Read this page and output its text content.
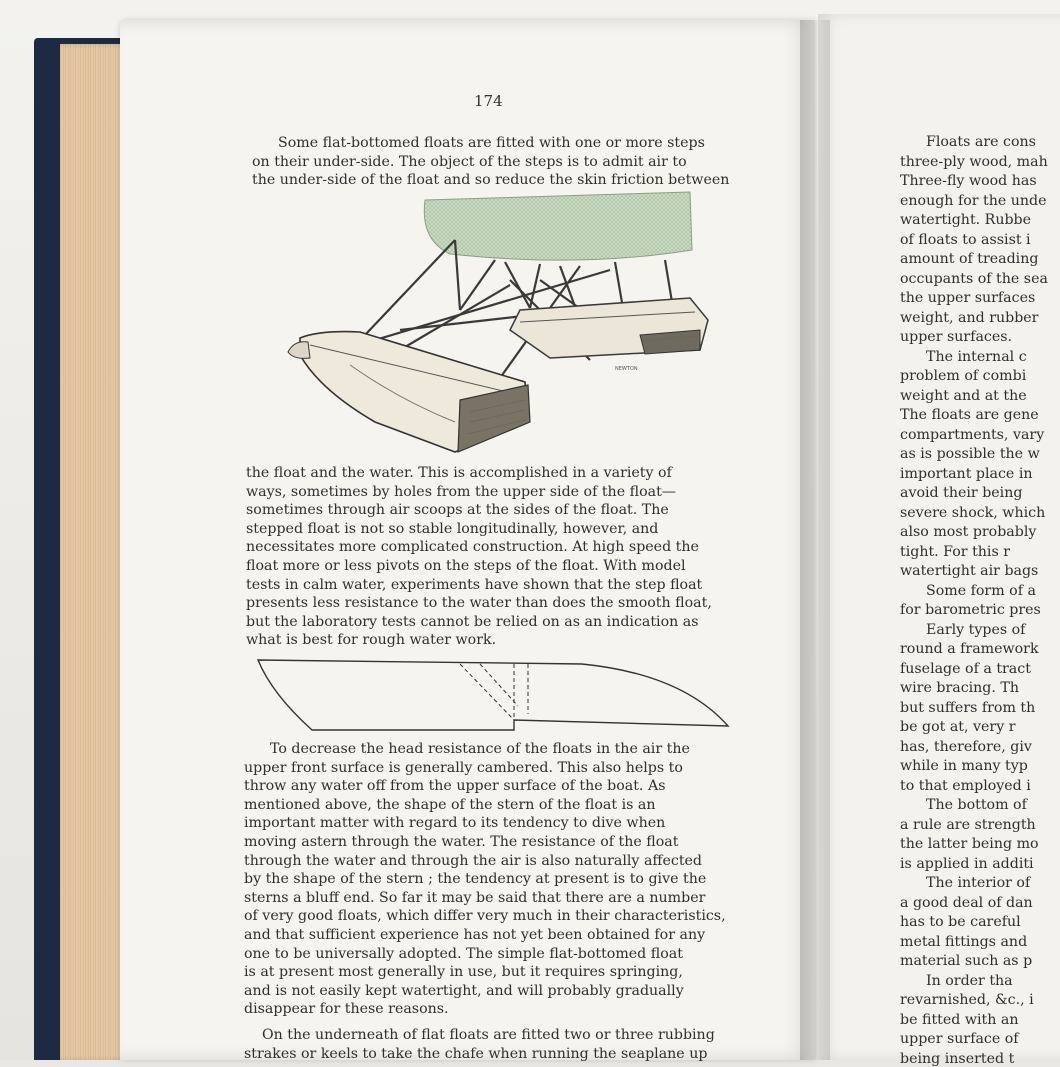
174
Some flat-bottomed floats are fitted with one or more steps
on their under-side. The object of the steps is to admit air to
the under-side of the float and so reduce the skin friction between
NEWTON
the float and the water. This is accomplished in a variety of
ways, sometimes by holes from the upper side of the float—
sometimes through air scoops at the sides of the float. The
stepped float is not so stable longitudinally, however, and
necessitates more complicated construction. At high speed the
float more or less pivots on the steps of the float. With model
tests in calm water, experiments have shown that the step float
presents less resistance to the water than does the smooth float,
but the laboratory tests cannot be relied on as an indication as
what is best for rough water work.
To decrease the head resistance of the floats in the air the
upper front surface is generally cambered. This also helps to
throw any water off from the upper surface of the boat. As
mentioned above, the shape of the stern of the float is an
important matter with regard to its tendency to dive when
moving astern through the water. The resistance of the float
through the water and through the air is also naturally affected
by the shape of the stern ; the tendency at present is to give the
sterns a bluff end. So far it may be said that there are a number
of very good floats, which differ very much in their characteristics,
and that sufficient experience has not yet been obtained for any
one to be universally adopted. The simple flat-bottomed float
is at present most generally in use, but it requires springing,
and is not easily kept watertight, and will probably gradually
disappear for these reasons.
On the underneath of flat floats are fitted two or three rubbing
strakes or keels to take the chafe when running the seaplane up
Floats are cons
three-ply wood, mah
Three-fly wood has
enough for the unde
watertight. Rubbe
of floats to assist i
amount of treading
occupants of the sea
the upper surfaces
weight, and rubber
upper surfaces.
The internal c
problem of combi
weight and at the
The floats are gene
compartments, vary
as is possible the w
important place in
avoid their being
severe shock, which
also most probably
tight. For this r
watertight air bags
Some form of a
for barometric pres
Early types of
round a framework
fuselage of a tract
wire bracing. Th
but suffers from th
be got at, very r
has, therefore, giv
while in many typ
to that employed i
The bottom of
a rule are strength
the latter being mo
is applied in additi
The interior of
a good deal of dan
has to be careful
metal fittings and
material such as p
In order tha
revarnished, &c., i
be fitted with an
upper surface of
being inserted t
